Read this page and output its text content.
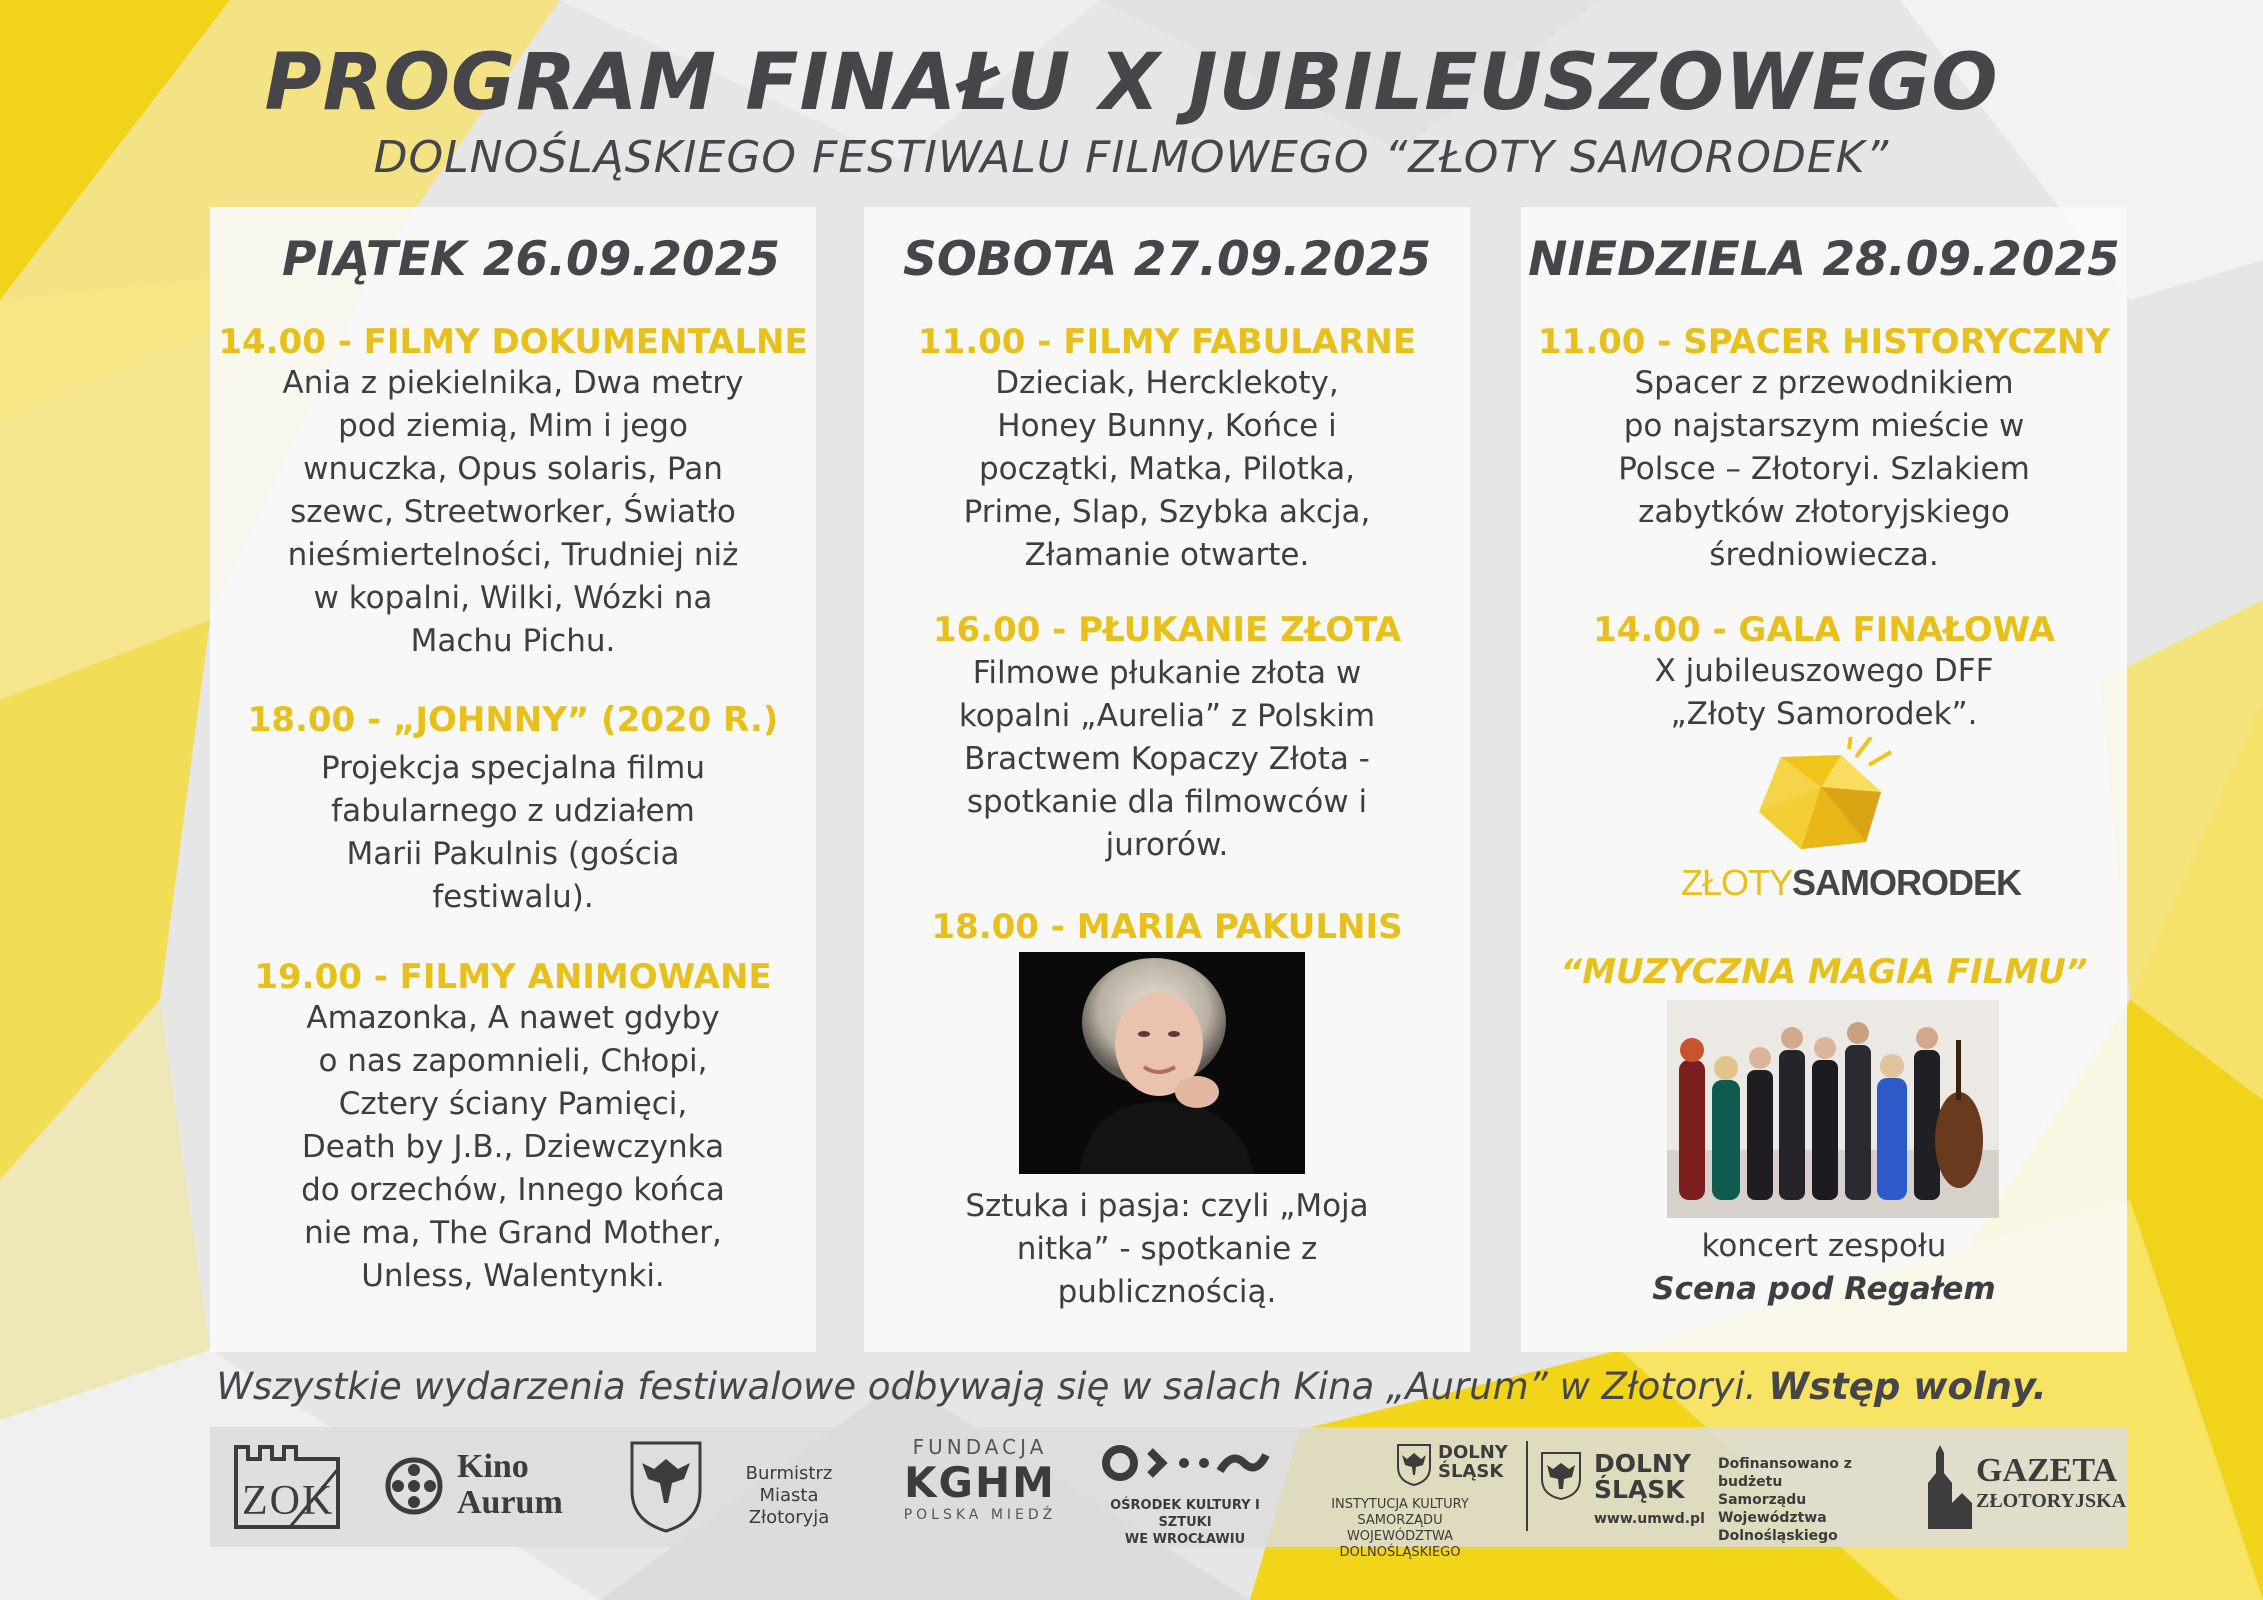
PROGRAM FINAŁU X JUBILEUSZOWEGO
DOLNOŚLĄSKIEGO FESTIWALU FILMOWEGO “ZŁOTY SAMORODEK”
PIĄTEK 26.09.2025
14.00 - FILMY DOKUMENTALNE
Ania z piekielnika, Dwa metry
pod ziemią, Mim i jego
wnuczka, Opus solaris, Pan
szewc, Streetworker, Światło
nieśmiertelności, Trudniej niż
w kopalni, Wilki, Wózki na
Machu Pichu.
18.00 - „JOHNNY” (2020 R.)
Projekcja specjalna filmu
fabularnego z udziałem
Marii Pakulnis (gościa
festiwalu).
19.00 - FILMY ANIMOWANE
Amazonka, A nawet gdyby
o nas zapomnieli, Chłopi,
Cztery ściany Pamięci,
Death by J.B., Dziewczynka
do orzechów, Innego końca
nie ma, The Grand Mother,
Unless, Walentynki.
SOBOTA 27.09.2025
11.00 - FILMY FABULARNE
Dzieciak, Hercklekoty,
Honey Bunny, Końce i
początki, Matka, Pilotka,
Prime, Slap, Szybka akcja,
Złamanie otwarte.
16.00 - PŁUKANIE ZŁOTA
Filmowe płukanie złota w
kopalni „Aurelia” z Polskim
Bractwem Kopaczy Złota -
spotkanie dla filmowców i
jurorów.
18.00 - MARIA PAKULNIS
Sztuka i pasja: czyli „Moja
nitka” - spotkanie z
publicznością.
NIEDZIELA 28.09.2025
11.00 - SPACER HISTORYCZNY
Spacer z przewodnikiem
po najstarszym mieście w
Polsce – Złotoryi. Szlakiem
zabytków złotoryjskiego
średniowiecza.
14.00 - GALA FINAŁOWA
X jubileuszowego DFF
„Złoty Samorodek”.
ZŁOTYSAMORODEK
“MUZYCZNA MAGIA FILMU”
koncert zespołu
Scena pod Regałem
Wszystkie wydarzenia festiwalowe odbywają się w salach Kina „Aurum” w Złotoryi. Wstęp wolny.
ZOK
Kino
Aurum
Burmistrz Miasta
Złotoryja
FUNDACJA
KGHM
POLSKA MIEDŹ
OŚRODEK KULTURY I SZTUKI
WE WROCŁAWIU
DOLNY
ŚLĄSK
INSTYTUCJA KULTURY SAMORZĄDU
WOJEWÓDZTWA DOLNOŚLĄSKIEGO
DOLNY
ŚLĄSK
www.umwd.pl
Dofinansowano z budżetu
Samorządu Województwa
Dolnośląskiego
GAZETA
ZŁOTORYJSKA
